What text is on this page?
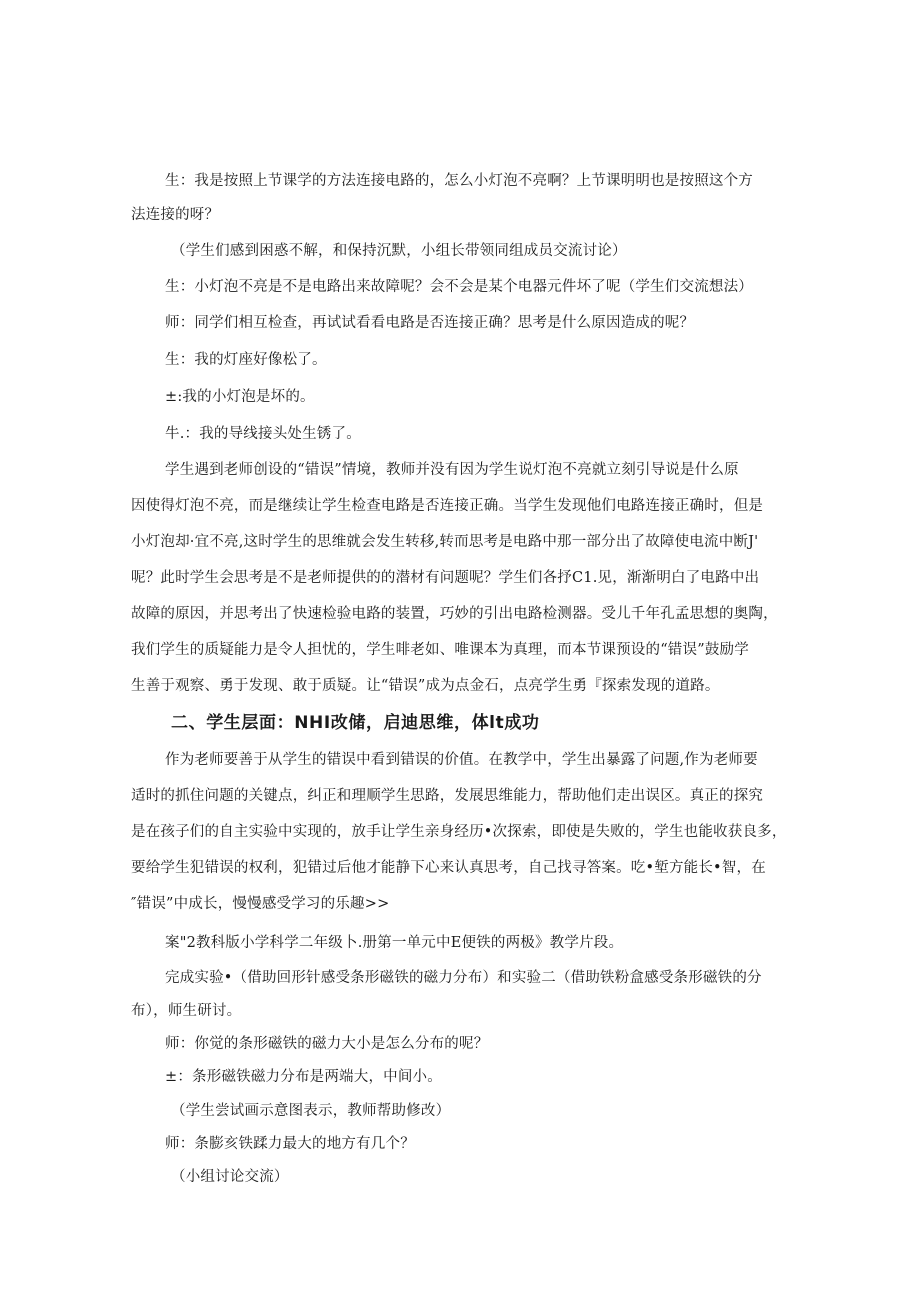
生：我是按照上节课学的方法连接电路的，怎么小灯泡不亮啊？上节课明明也是按照这个方
法连接的呀？
（学生们感到困惑不解，和保持沉默，小组长带领同组成员交流讨论）
生：小灯泡不亮是不是电路出来故障呢？会不会是某个电器元件坏了呢（学生们交流想法）
师：同学们相互检查，再试试看看电路是否连接正确？思考是什么原因造成的呢？
生：我的灯座好像松了。
±:我的小灯泡是坏的。
牛.：我的导线接头处生锈了。
学生遇到老师创设的“错误”情境，教师并没有因为学生说灯泡不亮就立刻引导说是什么原
因使得灯泡不亮，而是继续让学生检查电路是否连接正确。当学生发现他们电路连接正确时，但是
小灯泡却·宜不亮,这时学生的思维就会发生转移,转而思考是电路中那一部分出了故障使电流中断J'
呢？此时学生会思考是不是老师提供的的潜材有问题呢？学生们各抒C1.见，渐渐明白了电路中出
故障的原因，并思考出了快速检验电路的装置，巧妙的引出电路检测器。受儿千年孔孟思想的奥陶，
我们学生的质疑能力是令人担忧的，学生啡老如、唯课本为真理，而本节课预设的“错误”鼓励学
生善于观察、勇于发现、敢于质疑。让“错误”成为点金石，点亮学生勇『探索发现的道路。
二、学生层面：NHI改储，启迪思维，体lt成功
作为老师要善于从学生的错误中看到错误的价值。在教学中，学生出暴露了问题,作为老师要
适时的抓住问题的关键点，纠正和理顺学生思路，发展思维能力，帮助他们走出误区。真正的探究
是在孩子们的自主实验中实现的，放手让学生亲身经历•次探索，即使是失败的，学生也能收获良多，
要给学生犯错误的权利，犯错过后他才能静下心来认真思考，自己找寻答案。吃•堑方能长•智，在
″错误”中成长，慢慢感受学习的乐趣>>
案"2教科版小学科学二年级卜.册第一单元中E便铁的两极》教学片段。
完成实验•（借助回形针感受条形磁铁的磁力分布）和实验二（借助铁粉盒感受条形磁铁的分
布），师生研讨。
师：你觉的条形磁铁的磁力大小是怎么分布的呢？
±：条形磁铁磁力分布是两端大，中间小。
（学生尝试画示意图表示，教师帮助修改）
师：条膨亥铁蹂力最大的地方有几个？
（小组讨论交流）
